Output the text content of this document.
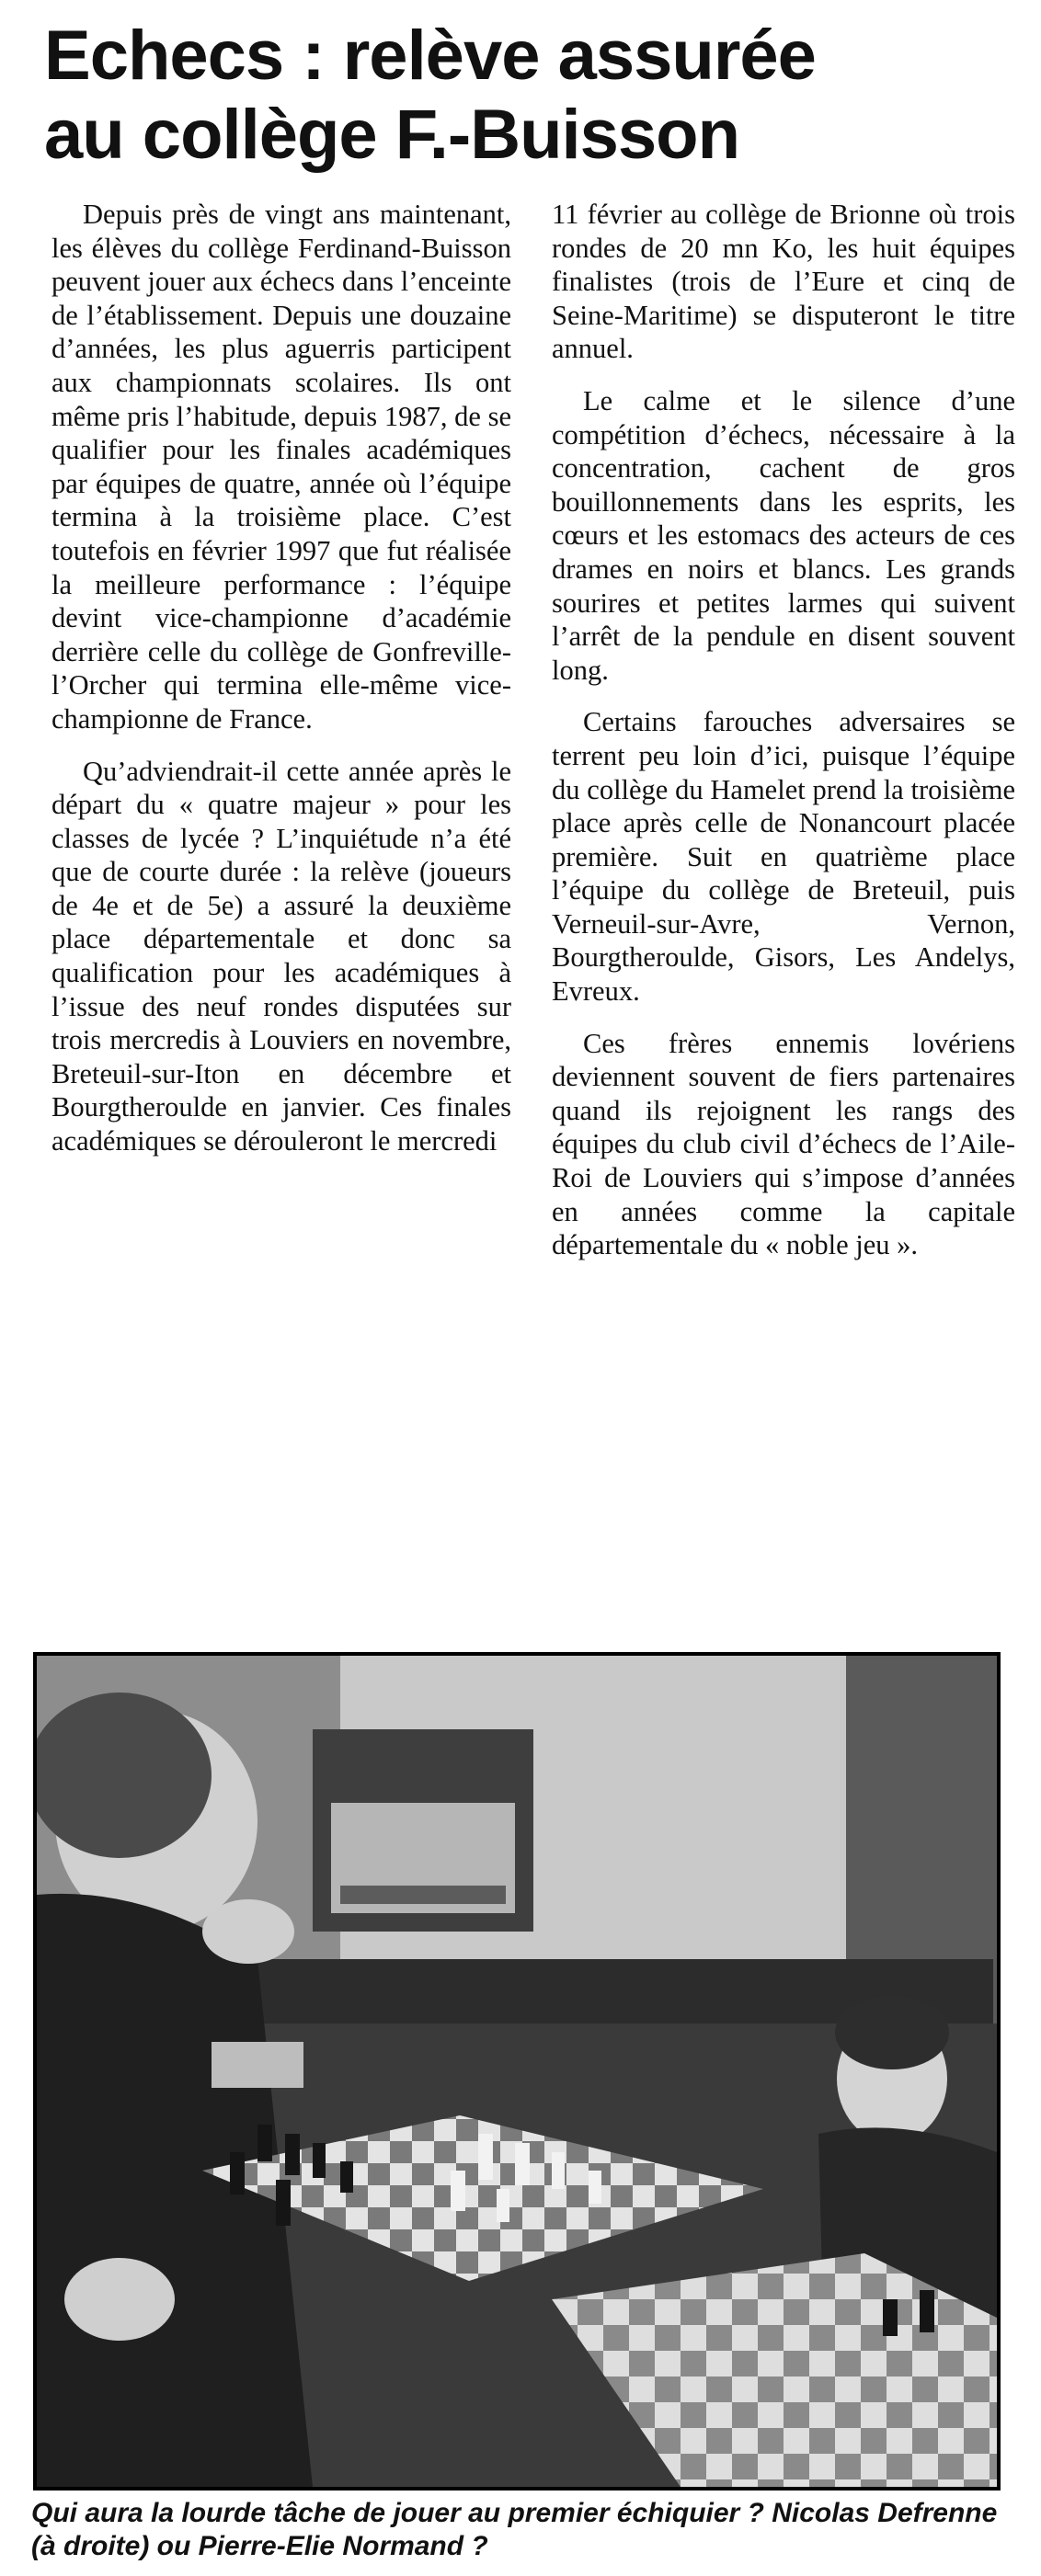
Echecs : relève assurée
au collège F.-Buisson

Depuis près de vingt ans maintenant, les élèves du collège Ferdinand-Buisson peuvent jouer aux échecs dans l’enceinte de l’établissement. Depuis une douzaine d’années, les plus aguerris participent aux championnats scolaires. Ils ont même pris l’habitude, depuis 1987, de se qualifier pour les finales académiques par équipes de quatre, année où l’équipe termina à la troisième place. C’est toutefois en février 1997 que fut réalisée la meilleure performance : l’équipe devint vice-championne d’académie derrière celle du collège de Gonfreville-l’Orcher qui termina elle-même vice-championne de France.

Qu’adviendrait-il cette année après le départ du « quatre majeur » pour les classes de lycée ? L’inquiétude n’a été que de courte durée : la relève (joueurs de 4e et de 5e) a assuré la deuxième place départementale et donc sa qualification pour les académiques à l’issue des neuf rondes disputées sur trois mercredis à Louviers en novembre, Breteuil-sur-Iton en décembre et Bourgtheroulde en janvier. Ces finales académiques se dérouleront le mercredi

11 février au collège de Brionne où trois rondes de 20 mn Ko, les huit équipes finalistes (trois de l’Eure et cinq de Seine-Maritime) se disputeront le titre annuel.

Le calme et le silence d’une compétition d’échecs, nécessaire à la concentration, cachent de gros bouillonnements dans les esprits, les cœurs et les estomacs des acteurs de ces drames en noirs et blancs. Les grands sourires et petites larmes qui suivent l’arrêt de la pendule en disent souvent long.

Certains farouches adversaires se terrent peu loin d’ici, puisque l’équipe du collège du Hamelet prend la troisième place après celle de Nonancourt placée première. Suit en quatrième place l’équipe du collège de Breteuil, puis Verneuil-sur-Avre, Vernon, Bourgtheroulde, Gisors, Les Andelys, Evreux.

Ces frères ennemis lovériens deviennent souvent de fiers partenaires quand ils rejoignent les rangs des équipes du club civil d’échecs de l’Aile-Roi de Louviers qui s’impose d’années en années comme la capitale départementale du « noble jeu ».

Qui aura la lourde tâche de jouer au premier échiquier ? Nicolas Defrenne
(à droite) ou Pierre-Elie Normand ?
